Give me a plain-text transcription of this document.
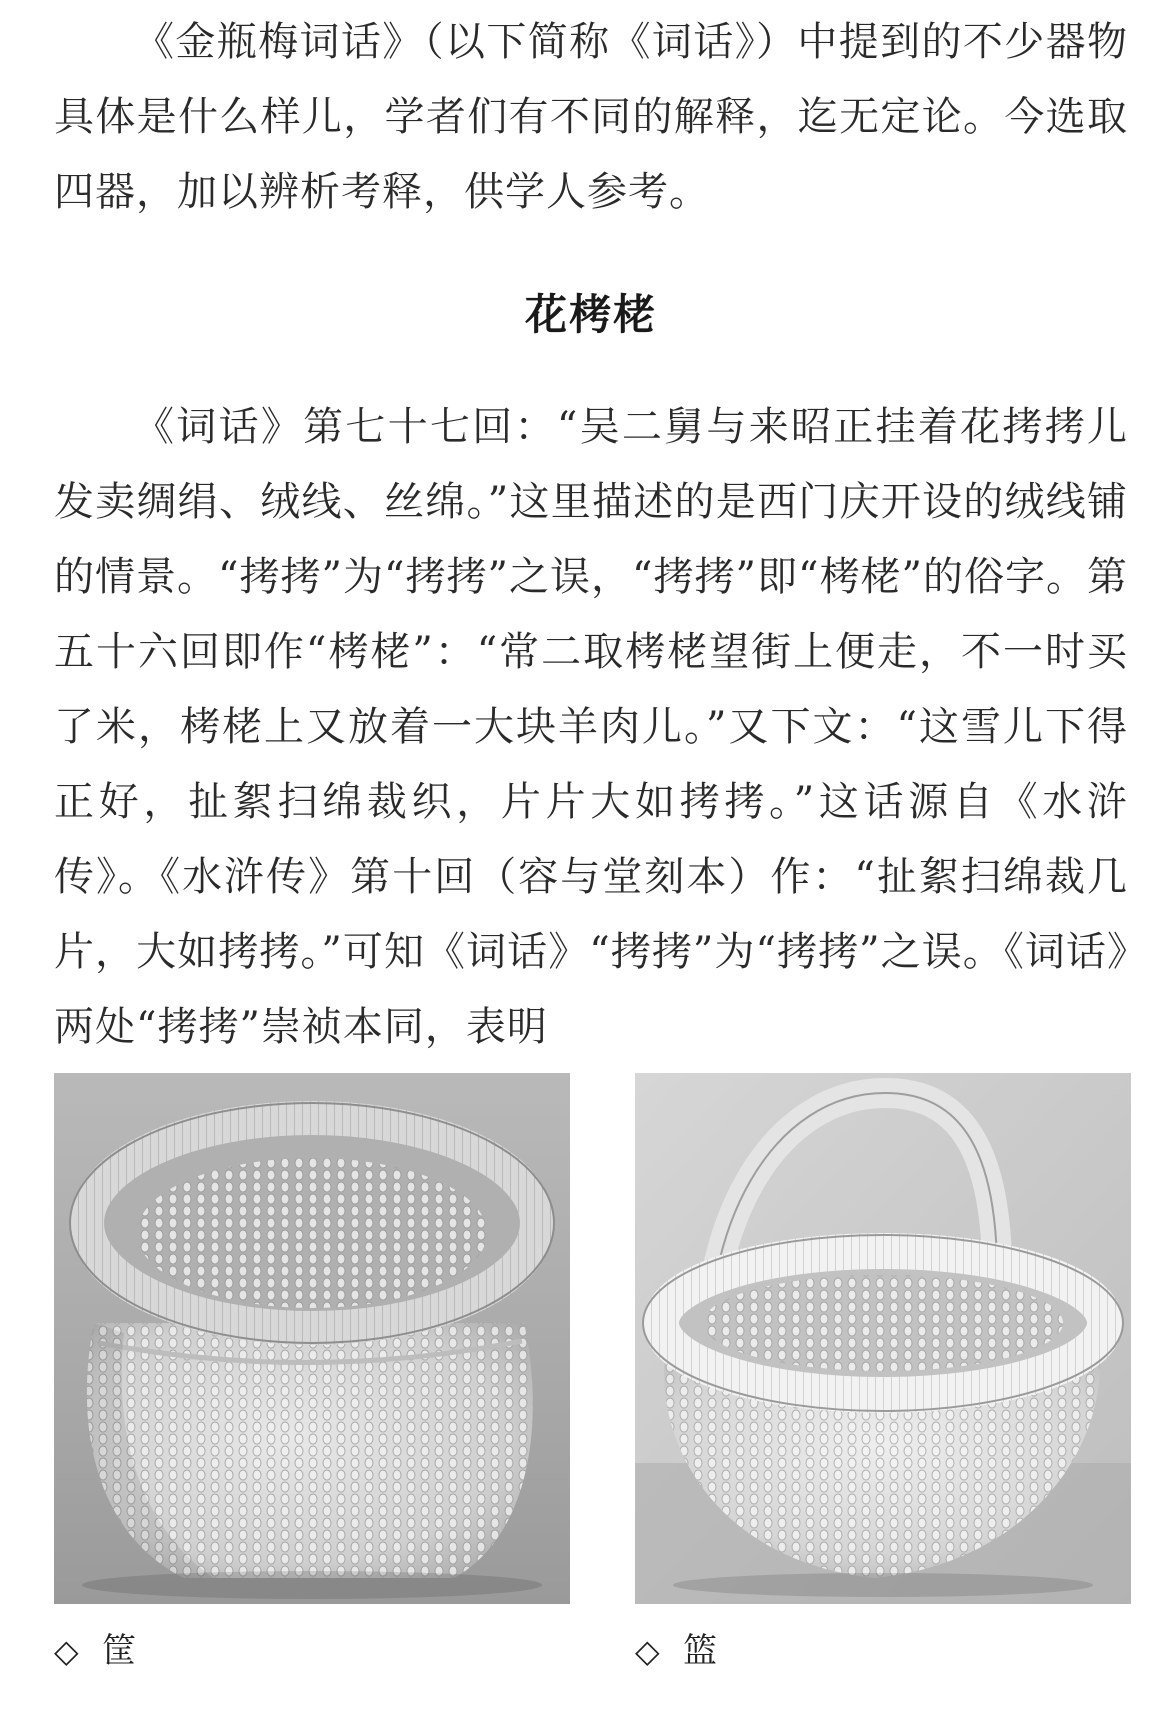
《金瓶梅词话》（以下简称《词话》）中提到的不少器物具体是什么样儿，学者们有不同的解释，迄无定论。今选取四器，加以辨析考释，供学人参考。

花栲栳

《词话》第七十七回：“吴二舅与来昭正挂着花拷拷儿发卖绸绢、绒线、丝绵。”这里描述的是西门庆开设的绒线铺的情景。“拷拷”为“拷拷”之误，“拷拷”即“栲栳”的俗字。第五十六回即作“栲栳”：“常二取栲栳望街上便走，不一时买了米，栲栳上又放着一大块羊肉儿。”又下文：“这雪儿下得正好，扯絮扫绵裁织，片片大如拷拷。”这话源自《水浒传》。《水浒传》第十回（容与堂刻本）作：“扯絮扫绵裁几片，大如拷拷。”可知《词话》“拷拷”为“拷拷”之误。《词话》两处“拷拷”崇祯本同，表明

◇ 筐	◇ 篮
